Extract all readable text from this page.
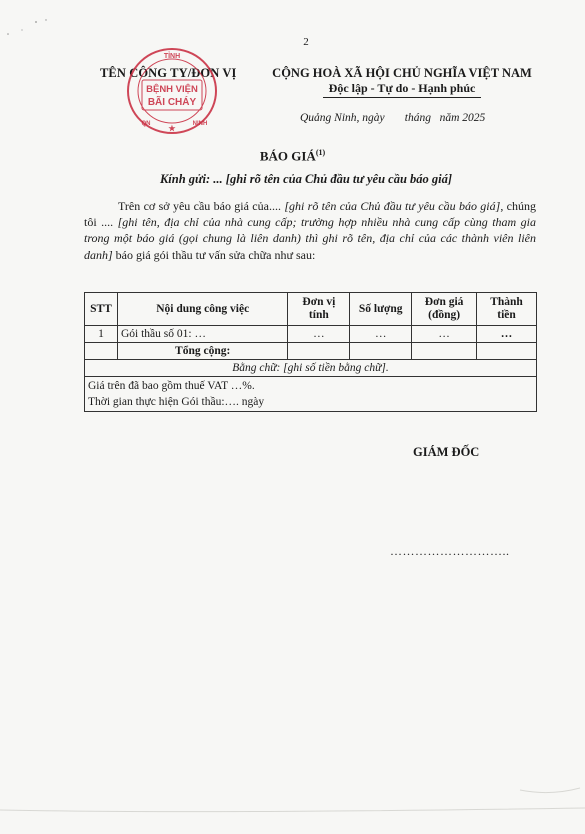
2
TÊN CÔNG TY/ĐƠN VỊ
TỈNH
BỆNH VIỆN
BÃI CHÁY
QN	NINH
★
CỘNG HOÀ XÃ HỘI CHỦ NGHĨA VIỆT NAM
Độc lập - Tự do - Hạnh phúc
Quảng Ninh, ngày       tháng   năm 2025
BÁO GIÁ$^{(1)}$
Kính gửi: ... [ghi rõ tên của Chủ đầu tư yêu cầu báo giá]
Trên cơ sở yêu cầu báo giá của.... [ghi rõ tên của Chủ đầu tư yêu cầu báo giá], chúng tôi .... [ghi tên, địa chỉ của nhà cung cấp; trường hợp nhiều nhà cung cấp cùng tham gia trong một báo giá (gọi chung là liên danh) thì ghi rõ tên, địa chỉ của các thành viên liên danh] báo giá gói thầu tư vấn sửa chữa như sau:
STT	Nội dung công việc	Đơn vị tính	Số lượng	Đơn giá (đồng)	Thành tiền
1	Gói thầu số 01: …	…	…	…	…
	Tổng cộng:				
Bằng chữ: [ghi số tiền bằng chữ].					

Giá trên đã bao gồm thuế VAT …%.
Thời gian thực hiện Gói thầu:…. ngày					
GIÁM ĐỐC
………………………..
